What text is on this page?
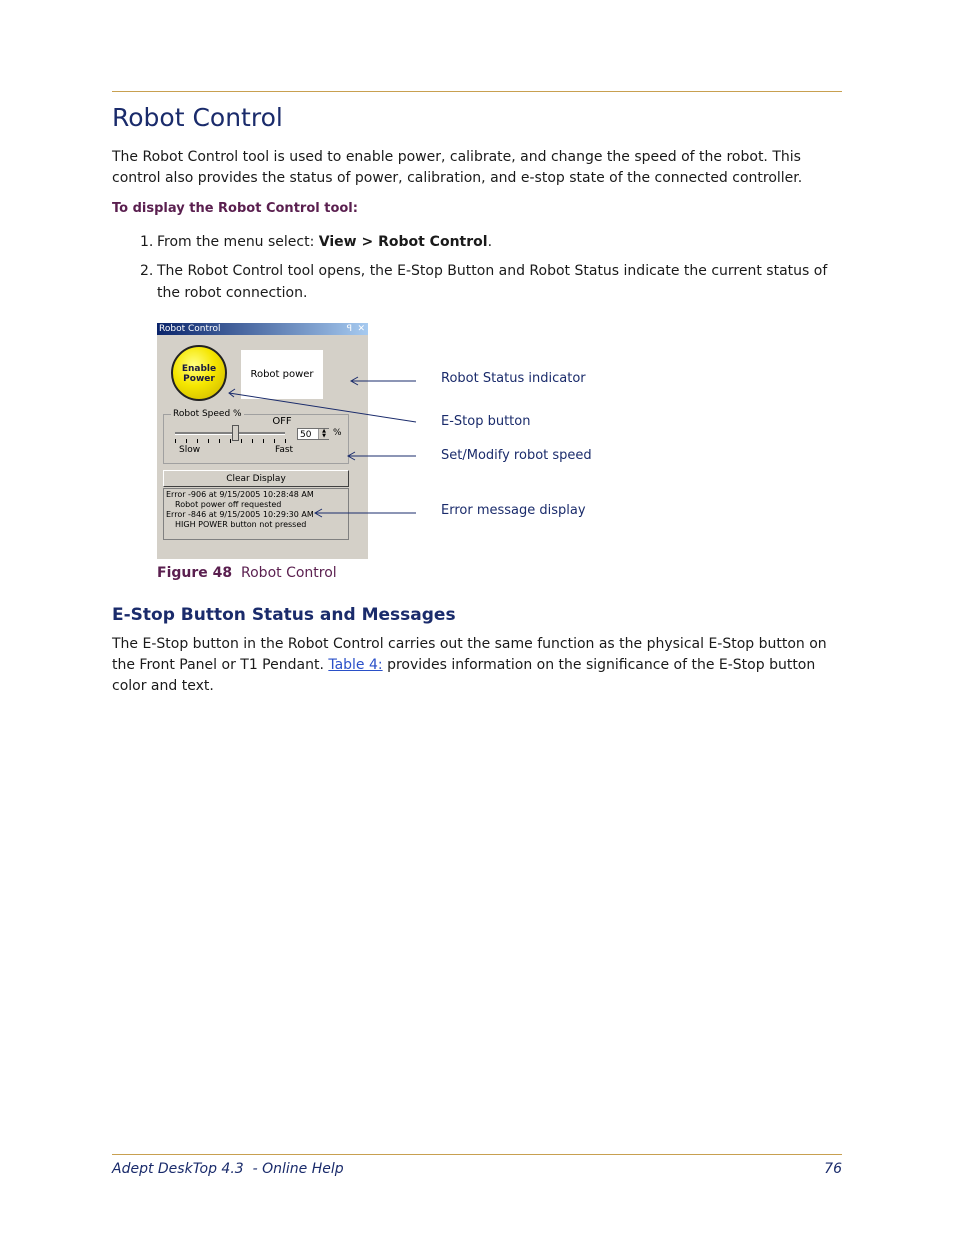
Robot Control

The Robot Control tool is used to enable power, calibrate, and change the speed of the robot. This control also provides the status of power, calibration, and e-stop state of the connected controller.

To display the Robot Control tool:
1. From the menu select: View > Robot Control.
2. The Robot Control tool opens, the E-Stop Button and Robot Status indicate the current status of the robot connection.
Robot Control	ꟼ ✕
Enable
Power	Robot power OFF
Robot Speed %
Slow	Fast
50	▲
▼ %
Clear Display
Error -906 at 9/15/2005 10:28:48 AM
Robot power off requested
Error -846 at 9/15/2005 10:29:30 AM
HIGH POWER button not pressed
Robot Status indicator
E-Stop button
Set/Modify robot speed
Error message display
Figure 48 Robot Control
E-Stop Button Status and Messages

The E-Stop button in the Robot Control carries out the same function as the physical E-Stop button on the Front Panel or T1 Pendant. Table 4: provides information on the significance of the E-Stop button color and text.

Adept DeskTop 4.3  - Online Help	76
